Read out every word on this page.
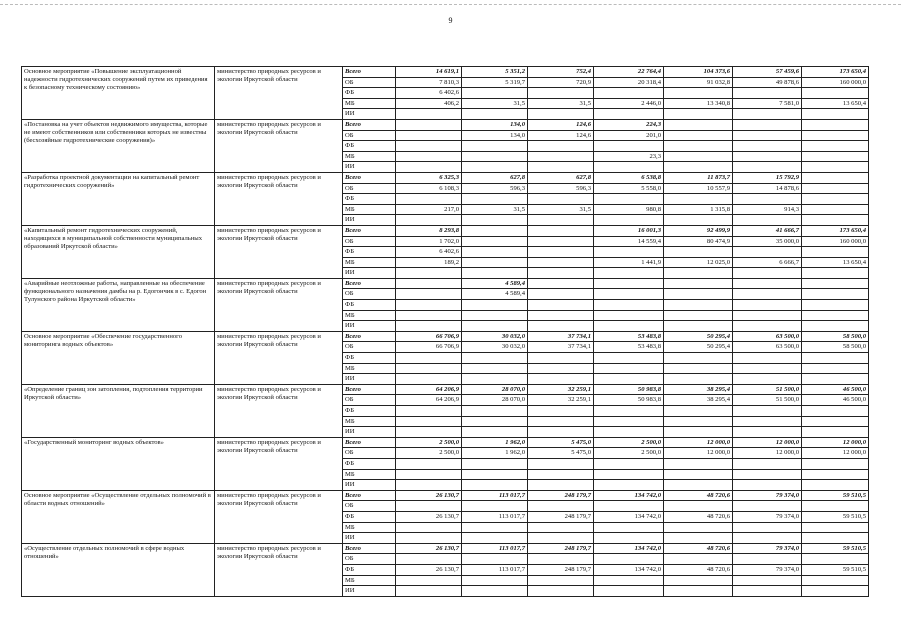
9
Основное мероприятие «Повышение эксплуатационной надежности гидротехнических сооружений путем их приведения к безопасному техническому состоянию»	министерство природных ресурсов и экологии Иркутской области	Всего	14 619,1	5 351,2	752,4	22 764,4	104 373,6	57 459,6	173 650,4
		ОБ	7 810,3	5 319,7	720,9	20 318,4	91 032,8	49 878,6	160 000,0
		ФБ	6 402,6						
		МБ	406,2	31,5	31,5	2 446,0	13 340,8	7 581,0	13 650,4
		ИИ							
«Постановка на учет объектов недвижимого имущества, которые не имеют собственников или собственники которых не известны (бесхозяйные гидротехнические сооружения)»	министерство природных ресурсов и экологии Иркутской области	Всего		134,0	124,6	224,3			
		ОБ		134,0	124,6	201,0			
		ФБ							
		МБ				23,3			
		ИИ							
«Разработка проектной документации на капитальный ремонт гидротехнических сооружений»	министерство природных ресурсов и экологии Иркутской области	Всего	6 325,3	627,8	627,8	6 538,8	11 873,7	15 792,9	
		ОБ	6 108,3	596,3	596,3	5 558,0	10 557,9	14 878,6	
		ФБ							
		МБ	217,0	31,5	31,5	980,8	1 315,8	914,3	
		ИИ							
«Капитальный ремонт гидротехнических сооружений, находящихся в муниципальной собственности муниципальных образований Иркутской области»	министерство природных ресурсов и экологии Иркутской области	Всего	8 293,8			16 001,3	92 499,9	41 666,7	173 650,4
		ОБ	1 702,0			14 559,4	80 474,9	35 000,0	160 000,0
		ФБ	6 402,6						
		МБ	189,2			1 441,9	12 025,0	6 666,7	13 650,4
		ИИ							
«Аварийные неотложные работы, направленные на обеспечение функционального назначения дамбы на р. Едогончик в с. Едогон Тулунского района Иркутской области»	министерство природных ресурсов и экологии Иркутской области	Всего		4 589,4					
		ОБ		4 589,4					
		ФБ							
		МБ							
		ИИ							
Основное мероприятие «Обеспечение государственного мониторинга водных объектов»	министерство природных ресурсов и экологии Иркутской области	Всего	66 706,9	30 032,0	37 734,1	53 483,8	50 295,4	63 500,0	58 500,0
		ОБ	66 706,9	30 032,0	37 734,1	53 483,8	50 295,4	63 500,0	58 500,0
		ФБ							
		МБ							
		ИИ							
«Определение границ зон затопления, подтопления территории Иркутской области»	министерство природных ресурсов и экологии Иркутской области	Всего	64 206,9	28 070,0	32 259,1	50 983,8	38 295,4	51 500,0	46 500,0
		ОБ	64 206,9	28 070,0	32 259,1	50 983,8	38 295,4	51 500,0	46 500,0
		ФБ							
		МБ							
		ИИ							
«Государственный мониторинг водных объектов»	министерство природных ресурсов и экологии Иркутской области	Всего	2 500,0	1 962,0	5 475,0	2 500,0	12 000,0	12 000,0	12 000,0
		ОБ	2 500,0	1 962,0	5 475,0	2 500,0	12 000,0	12 000,0	12 000,0
		ФБ							
		МБ							
		ИИ							
Основное мероприятие «Осуществление отдельных полномочий в области водных отношений»	министерство природных ресурсов и экологии Иркутской области	Всего	26 130,7	113 017,7	248 179,7	134 742,0	48 720,6	79 374,0	59 510,5
		ОБ							
		ФБ	26 130,7	113 017,7	248 179,7	134 742,0	48 720,6	79 374,0	59 510,5
		МБ							
		ИИ							
«Осуществление отдельных полномочий в сфере водных отношений»	министерство природных ресурсов и экологии Иркутской области	Всего	26 130,7	113 017,7	248 179,7	134 742,0	48 720,6	79 374,0	59 510,5
		ОБ							
		ФБ	26 130,7	113 017,7	248 179,7	134 742,0	48 720,6	79 374,0	59 510,5
		МБ							
		ИИ							
